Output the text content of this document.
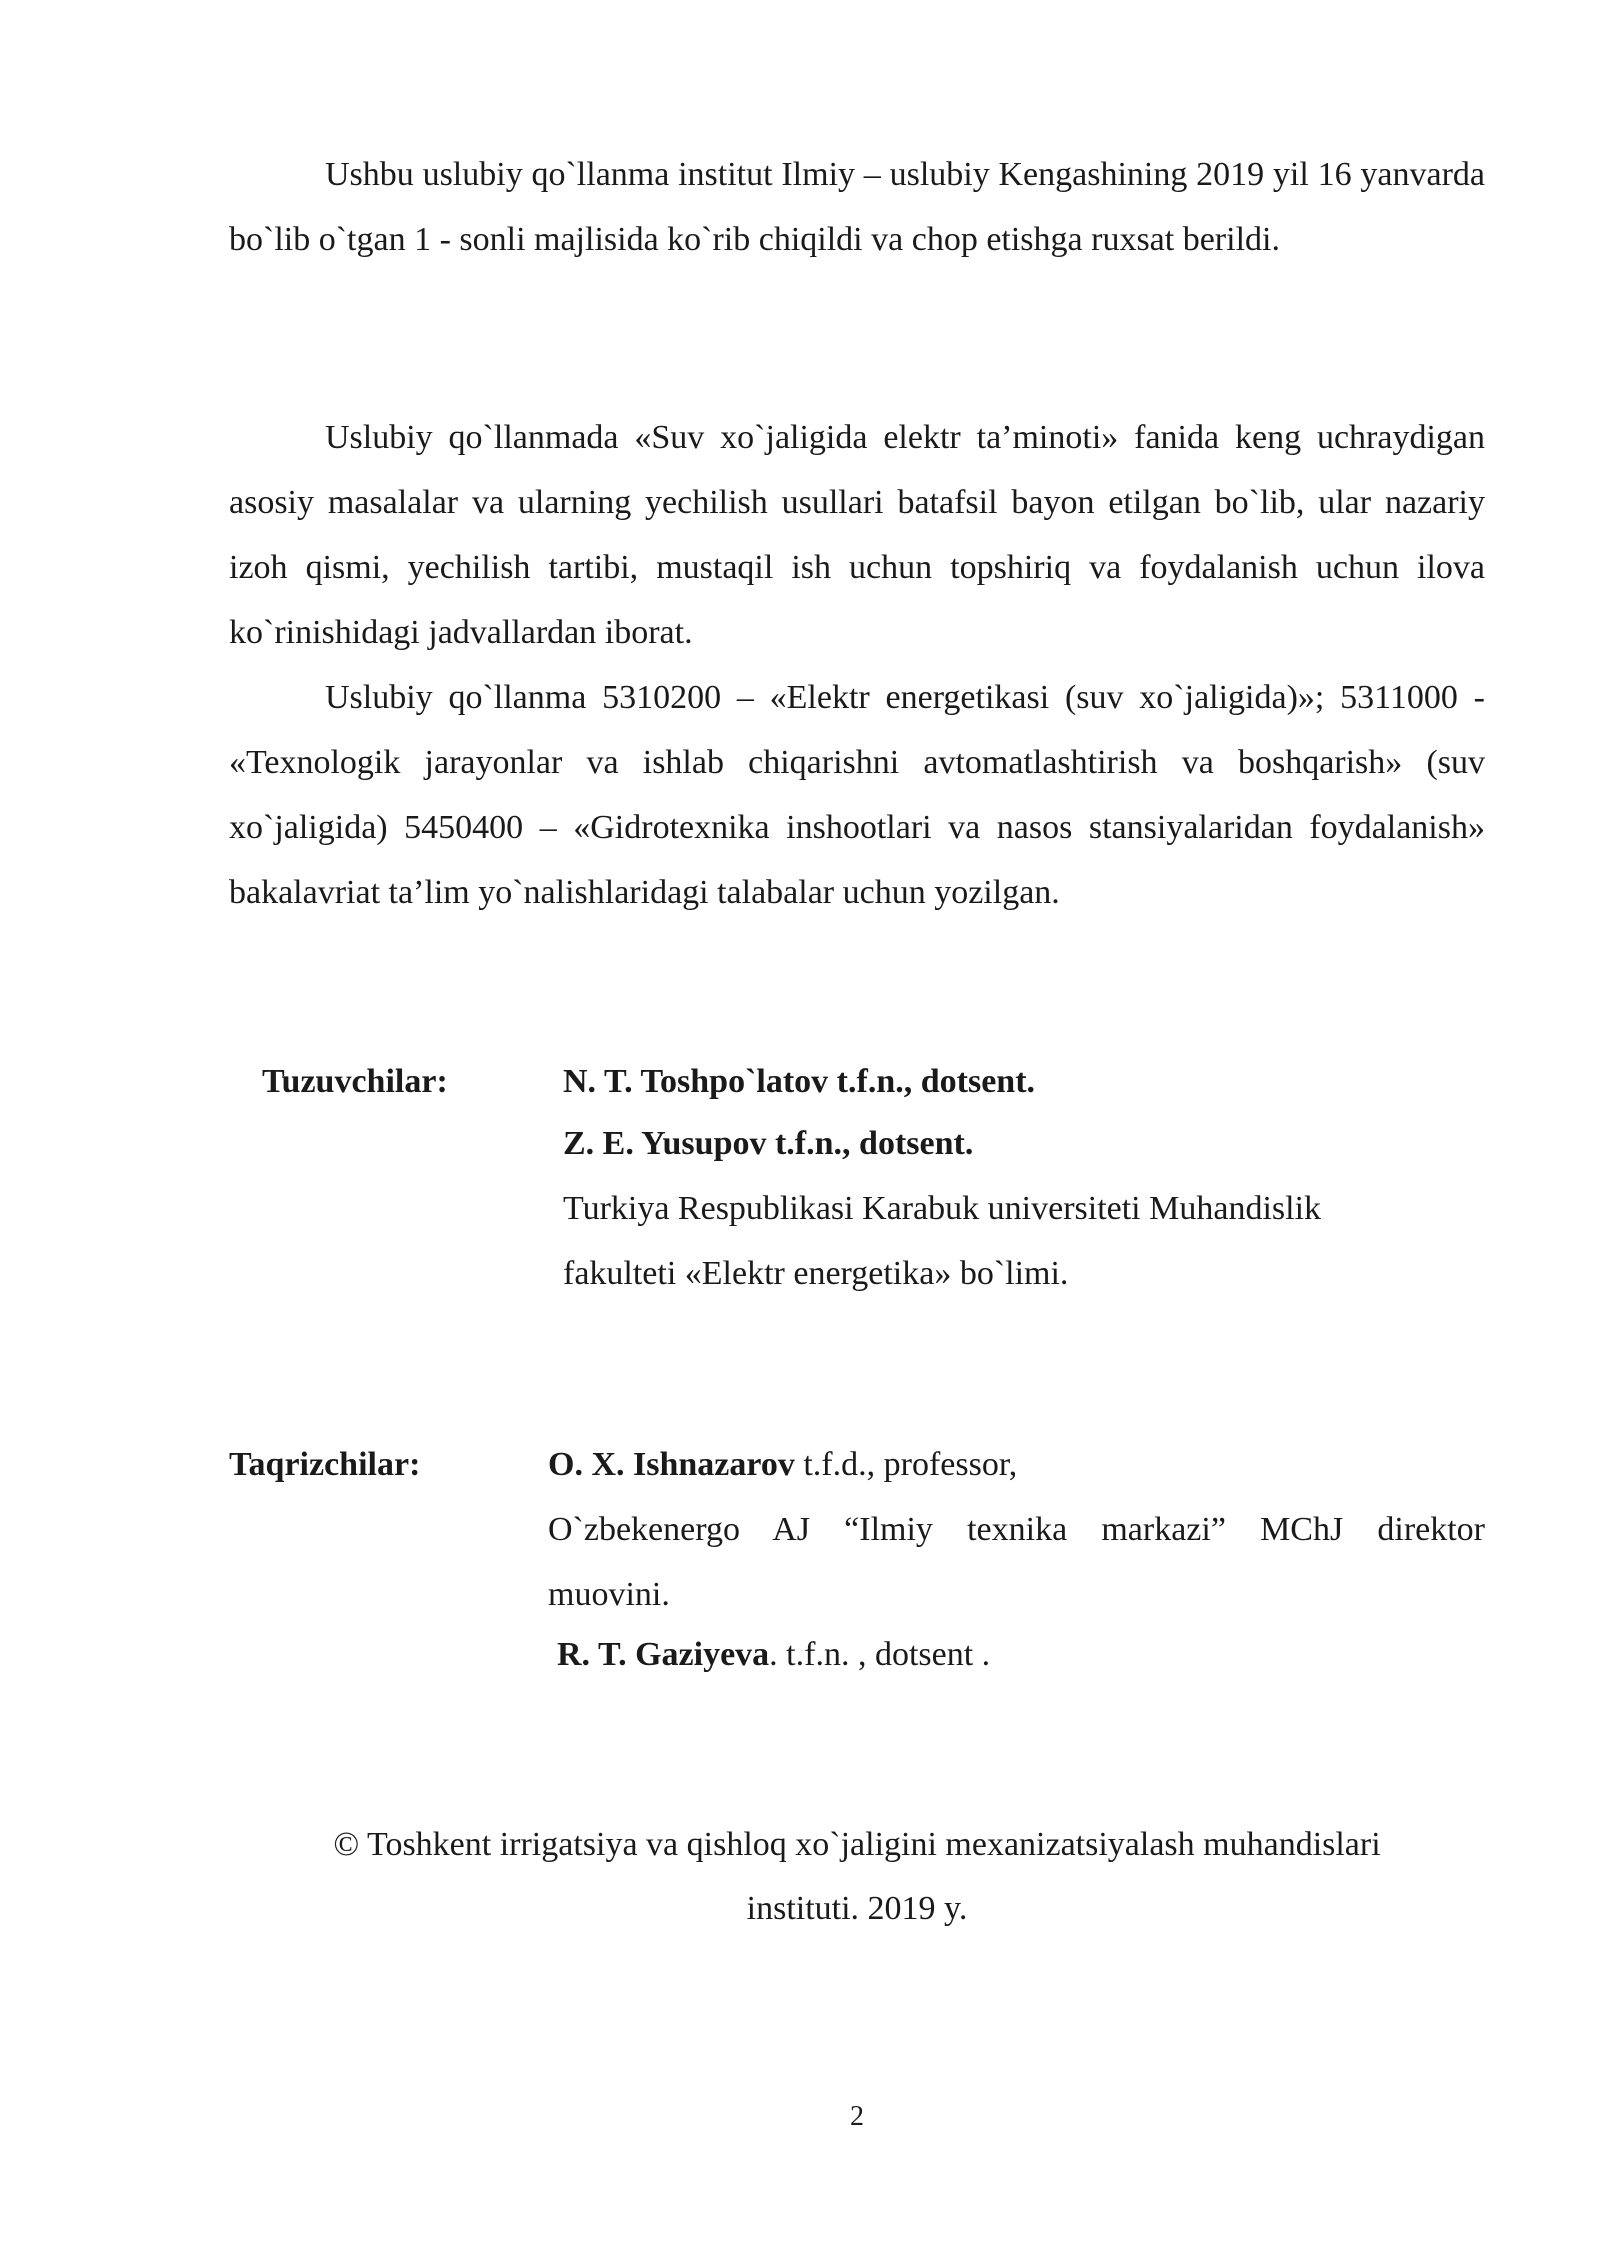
Ushbu uslubiy qo`llanma institut Ilmiy – uslubiy Kengashining 2019 yil 16 yanvarda bo`lib o`tgan 1 - sonli majlisida ko`rib chiqildi va chop etishga ruxsat berildi.

Uslubiy qo`llanmada «Suv xo`jaligida elektr ta’minoti» fanida keng uchraydigan asosiy masalalar va ularning yechilish usullari batafsil bayon etilgan bo`lib, ular nazariy izoh qismi, yechilish tartibi, mustaqil ish uchun topshiriq va foydalanish uchun ilova ko`rinishidagi jadvallardan iborat.

Uslubiy qo`llanma 5310200 – «Elektr energetikasi (suv xo`jaligida)»; 5311000 - «Texnologik jarayonlar va ishlab chiqarishni avtomatlashtirish va boshqarish» (suv xo`jaligida) 5450400 – «Gidrotexnika inshootlari va nasos stansiyalaridan foydalanish» bakalavriat ta’lim yo`nalishlaridagi talabalar uchun yozilgan.

Tuzuvchilar:	N. T. Toshpo`latov t.f.n., dotsent.

Z. E. Yusupov t.f.n., dotsent.

Turkiya Respublikasi Karabuk universiteti Muhandislik

fakulteti «Elektr energetika» bo`limi.

Taqrizchilar:	O. X. Ishnazarov t.f.d., professor,

O`zbekenergo AJ “Ilmiy texnika markazi” MChJ direktor

muovini.

R. T. Gaziyeva. t.f.n. , dotsent .

© Toshkent irrigatsiya va qishloq xo`jaligini mexanizatsiyalash muhandislari

instituti. 2019 y.

2
